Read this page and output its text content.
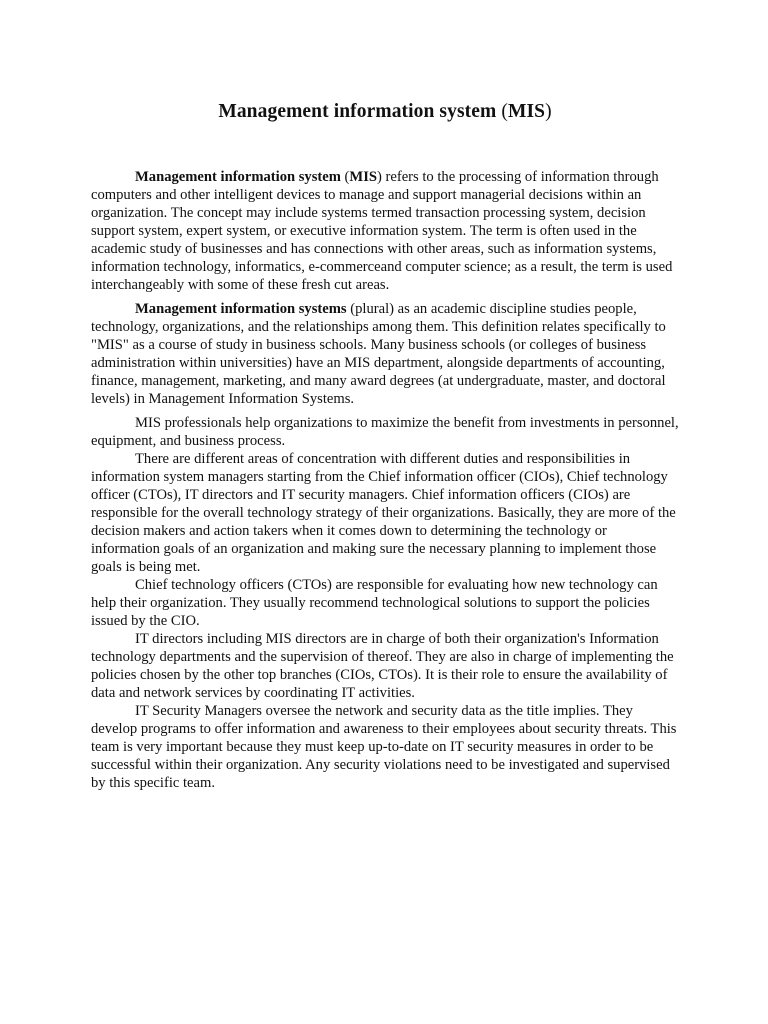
Management information system (MIS)

Management information system (MIS) refers to the processing of information through computers and other intelligent devices to manage and support managerial decisions within an organization. The concept may include systems termed transaction processing system, decision support system, expert system, or executive information system. The term is often used in the academic study of businesses and has connections with other areas, such as information systems, information technology, informatics, e-commerceand computer science; as a result, the term is used interchangeably with some of these fresh cut areas.

Management information systems (plural) as an academic discipline studies people, technology, organizations, and the relationships among them. This definition relates specifically to "MIS" as a course of study in business schools. Many business schools (or colleges of business administration within universities) have an MIS department, alongside departments of accounting, finance, management, marketing, and many award degrees (at undergraduate, master, and doctoral levels) in Management Information Systems.

MIS professionals help organizations to maximize the benefit from investments in personnel, equipment, and business process.

There are different areas of concentration with different duties and responsibilities in information system managers starting from the Chief information officer (CIOs), Chief technology officer (CTOs), IT directors and IT security managers. Chief information officers (CIOs) are responsible for the overall technology strategy of their organizations. Basically, they are more of the decision makers and action takers when it comes down to determining the technology or information goals of an organization and making sure the necessary planning to implement those goals is being met.

Chief technology officers (CTOs) are responsible for evaluating how new technology can help their organization. They usually recommend technological solutions to support the policies issued by the CIO.

IT directors including MIS directors are in charge of both their organization's Information technology departments and the supervision of thereof. They are also in charge of implementing the policies chosen by the other top branches (CIOs, CTOs). It is their role to ensure the availability of data and network services by coordinating IT activities.

IT Security Managers oversee the network and security data as the title implies. They develop programs to offer information and awareness to their employees about security threats. This team is very important because they must keep up-to-date on IT security measures in order to be successful within their organization. Any security violations need to be investigated and supervised by this specific team.
